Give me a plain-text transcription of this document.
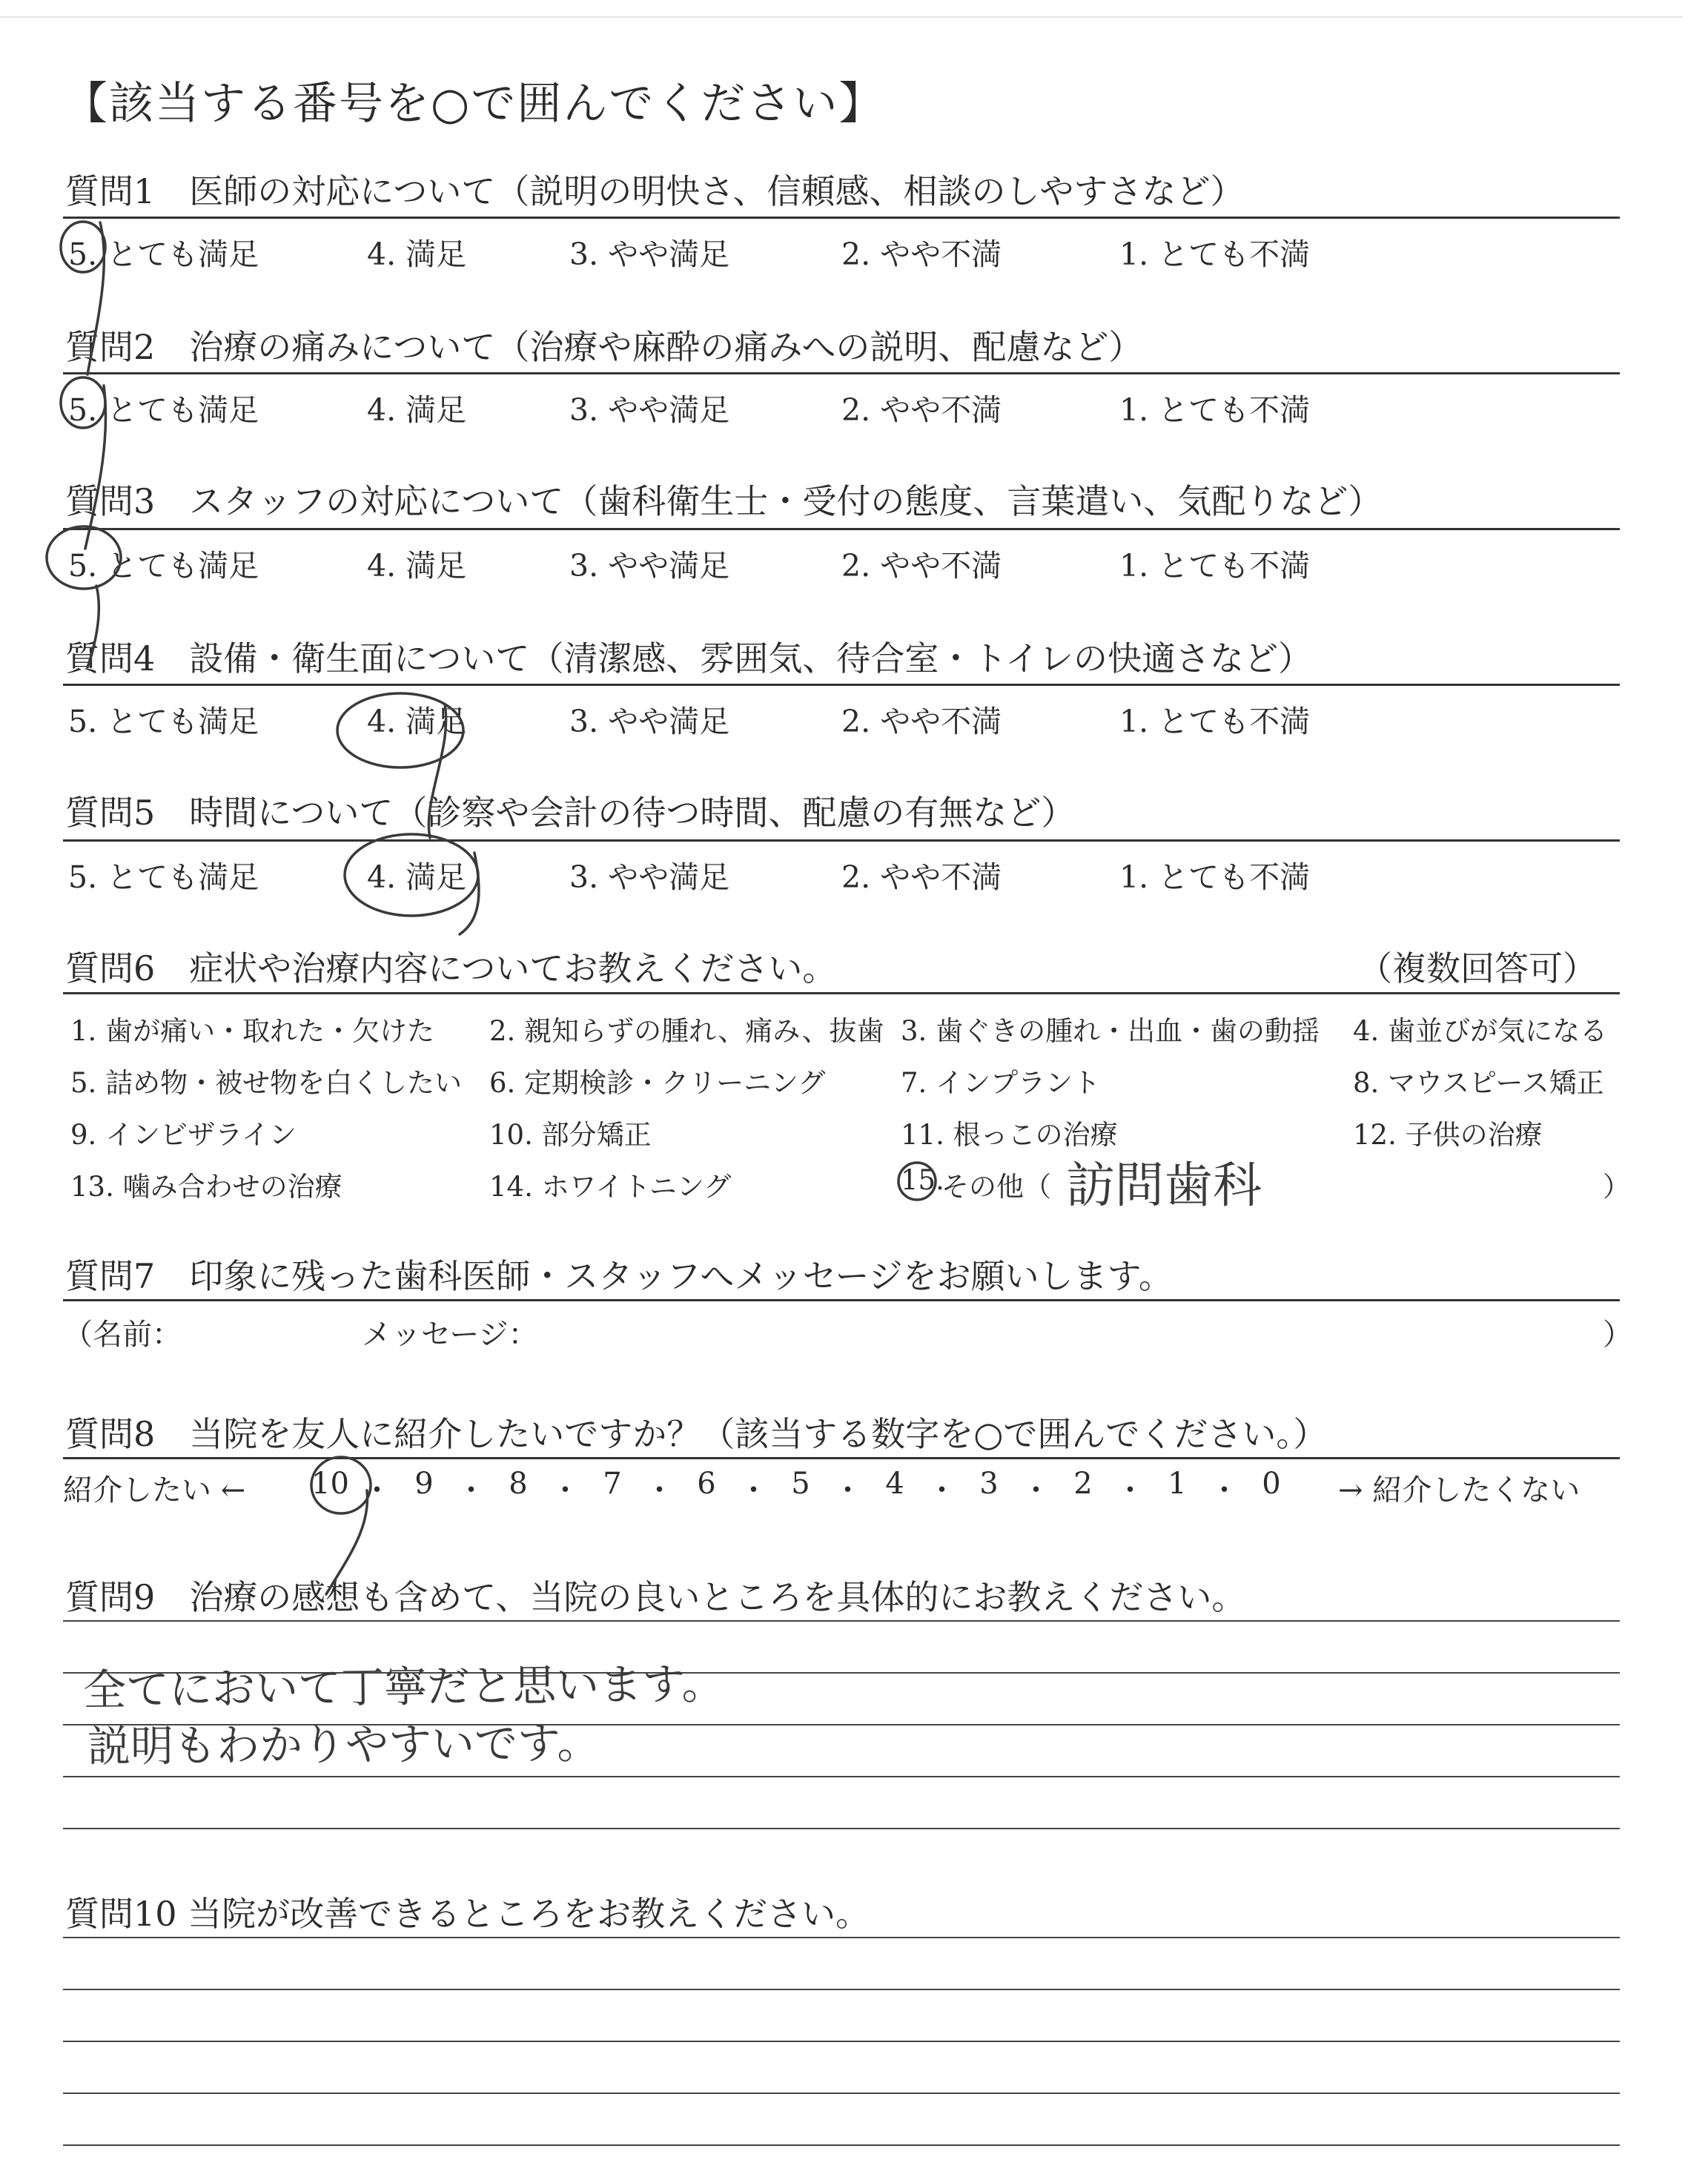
【該当する番号を○で囲んでください】
質問1　医師の対応について（説明の明快さ、信頼感、相談のしやすさなど）
5. とても満足	4. 満足	3. やや満足	2. やや不満	1. とても不満
質問2　治療の痛みについて（治療や麻酔の痛みへの説明、配慮など）
5. とても満足	4. 満足	3. やや満足	2. やや不満	1. とても不満
質問3　スタッフの対応について（歯科衛生士・受付の態度、言葉遣い、気配りなど）
5. とても満足	4. 満足	3. やや満足	2. やや不満	1. とても不満
質問4　設備・衛生面について（清潔感、雰囲気、待合室・トイレの快適さなど）
5. とても満足	4. 満足	3. やや満足	2. やや不満	1. とても不満
質問5　時間について（診察や会計の待つ時間、配慮の有無など）
5. とても満足	4. 満足	3. やや満足	2. やや不満	1. とても不満
質問6　症状や治療内容についてお教えください。	（複数回答可）
1. 歯が痛い・取れた・欠けた 2. 親知らずの腫れ、痛み、抜歯 3. 歯ぐきの腫れ・出血・歯の動揺 4. 歯並びが気になる
5. 詰め物・被せ物を白くしたい 6. 定期検診・クリーニング	7. インプラント	8. マウスピース矯正
9. インビザライン	10. 部分矯正	11. 根っこの治療	12. 子供の治療
13. 噛み合わせの治療	14. ホワイトニング	15.
その他（ 訪問歯科	）
質問7　印象に残った歯科医師・スタッフへメッセージをお願いします。
（名前：	メッセージ：	）
質問8　当院を友人に紹介したいですか？（該当する数字を○で囲んでください。）
紹介したい ←	→ 紹介したくない
10 ・ 9 ・ 8 ・ 7 ・ 6 ・ 5 ・ 4 ・ 3 ・ 2 ・ 1 ・ 0
質問9　治療の感想も含めて、当院の良いところを具体的にお教えください。
全てにおいて丁寧だと思います。
説明もわかりやすいです。
質問10 当院が改善できるところをお教えください。
